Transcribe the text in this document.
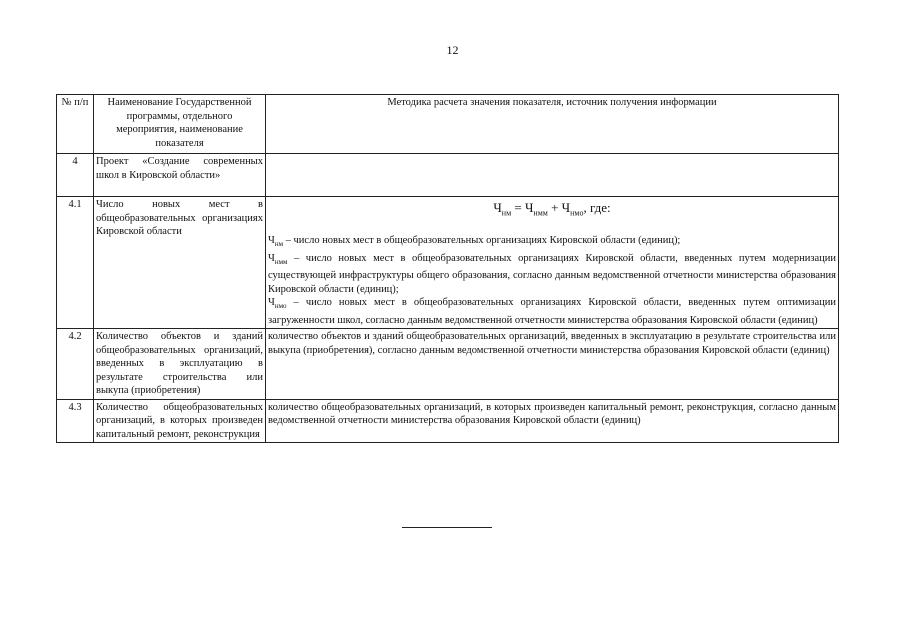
12
№ п/п	Наименование Государственной программы, отдельного мероприятия, наименование показателя	Методика расчета значения показателя, источник получения информации
4	Проект «Создание современных школ в Кировской области»	
4.1	Число новых мест в общеобразовательных организациях Кировской области	$Ч_{нм} = Ч_{нмм} + Ч_{нмо}$, где:
$Ч_{нм}$ – число новых мест в общеобразовательных организациях Кировской области (единиц);
$Ч_{нмм}$ – число новых мест в общеобразовательных организациях Кировской области, введенных путем модернизации существующей инфраструктуры общего образования, согласно данным ведомственной отчетности министерства образования Кировской области (единиц);
$Ч_{нмо}$ – число новых мест в общеобразовательных организациях Кировской области, введенных путем оптимизации загруженности школ, согласно данным ведомственной отчетности министерства образования Кировской области (единиц)

4.2	Количество объектов и зданий общеобразовательных организаций, введенных в эксплуатацию в результате строительства или выкупа (приобретения)	количество объектов и зданий общеобразовательных организаций, введенных в эксплуатацию в результате строительства или выкупа (приобретения), согласно данным ведомственной отчетности министерства образования Кировской области (единиц)
4.3	Количество общеобразовательных организаций, в которых произведен капитальный ремонт, реконструкция	количество общеобразовательных организаций, в которых произведен капитальный ремонт, реконструкция, согласно данным ведомственной отчетности министерства образования Кировской области (единиц)
